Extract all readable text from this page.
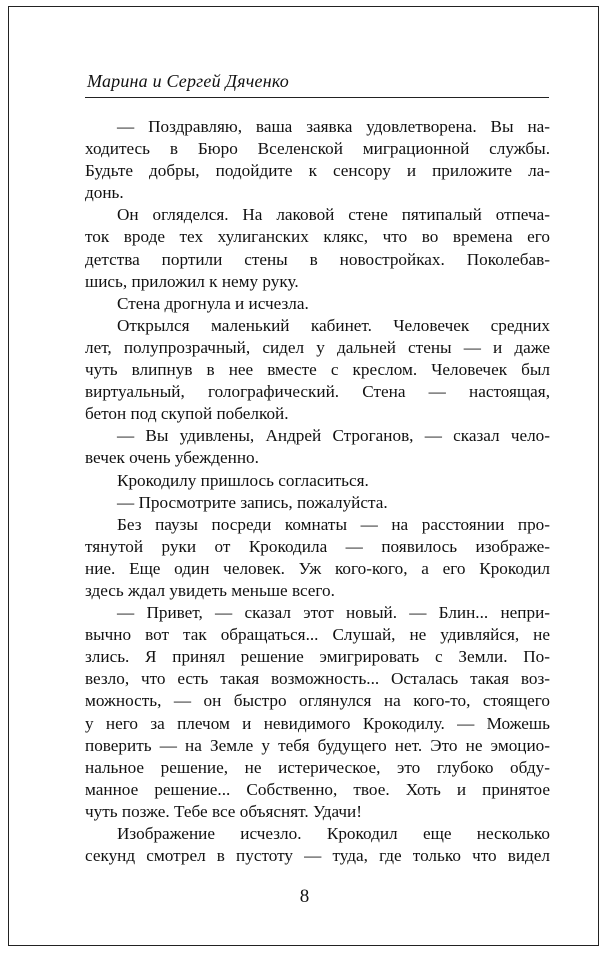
Марина и Сергей Дяченко
— Поздравляю, ваша заявка удовлетворена. Вы на-
ходитесь в Бюро Вселенской миграционной службы.
Будьте добры, подойдите к сенсору и приложите ла-
донь.
Он огляделся. На лаковой стене пятипалый отпеча-
ток вроде тех хулиганских клякс, что во времена его
детства портили стены в новостройках. Поколебав-
шись, приложил к нему руку.
Стена дрогнула и исчезла.
Открылся маленький кабинет. Человечек средних
лет, полупрозрачный, сидел у дальней стены — и даже
чуть влипнув в нее вместе с креслом. Человечек был
виртуальный, голографический. Стена — настоящая,
бетон под скупой побелкой.
— Вы удивлены, Андрей Строганов, — сказал чело-
вечек очень убежденно.
Крокодилу пришлось согласиться.
— Просмотрите запись, пожалуйста.
Без паузы посреди комнаты — на расстоянии про-
тянутой руки от Крокодила — появилось изображе-
ние. Еще один человек. Уж кого-кого, а его Крокодил
здесь ждал увидеть меньше всего.
— Привет, — сказал этот новый. — Блин... непри-
вычно вот так обращаться... Слушай, не удивляйся, не
злись. Я принял решение эмигрировать с Земли. По-
везло, что есть такая возможность... Осталась такая воз-
можность, — он быстро оглянулся на кого-то, стоящего
у него за плечом и невидимого Крокодилу. — Можешь
поверить — на Земле у тебя будущего нет. Это не эмоцио-
нальное решение, не истерическое, это глубоко обду-
манное решение... Собственно, твое. Хоть и принятое
чуть позже. Тебе все объяснят. Удачи!
Изображение исчезло. Крокодил еще несколько
секунд смотрел в пустоту — туда, где только что видел
8
